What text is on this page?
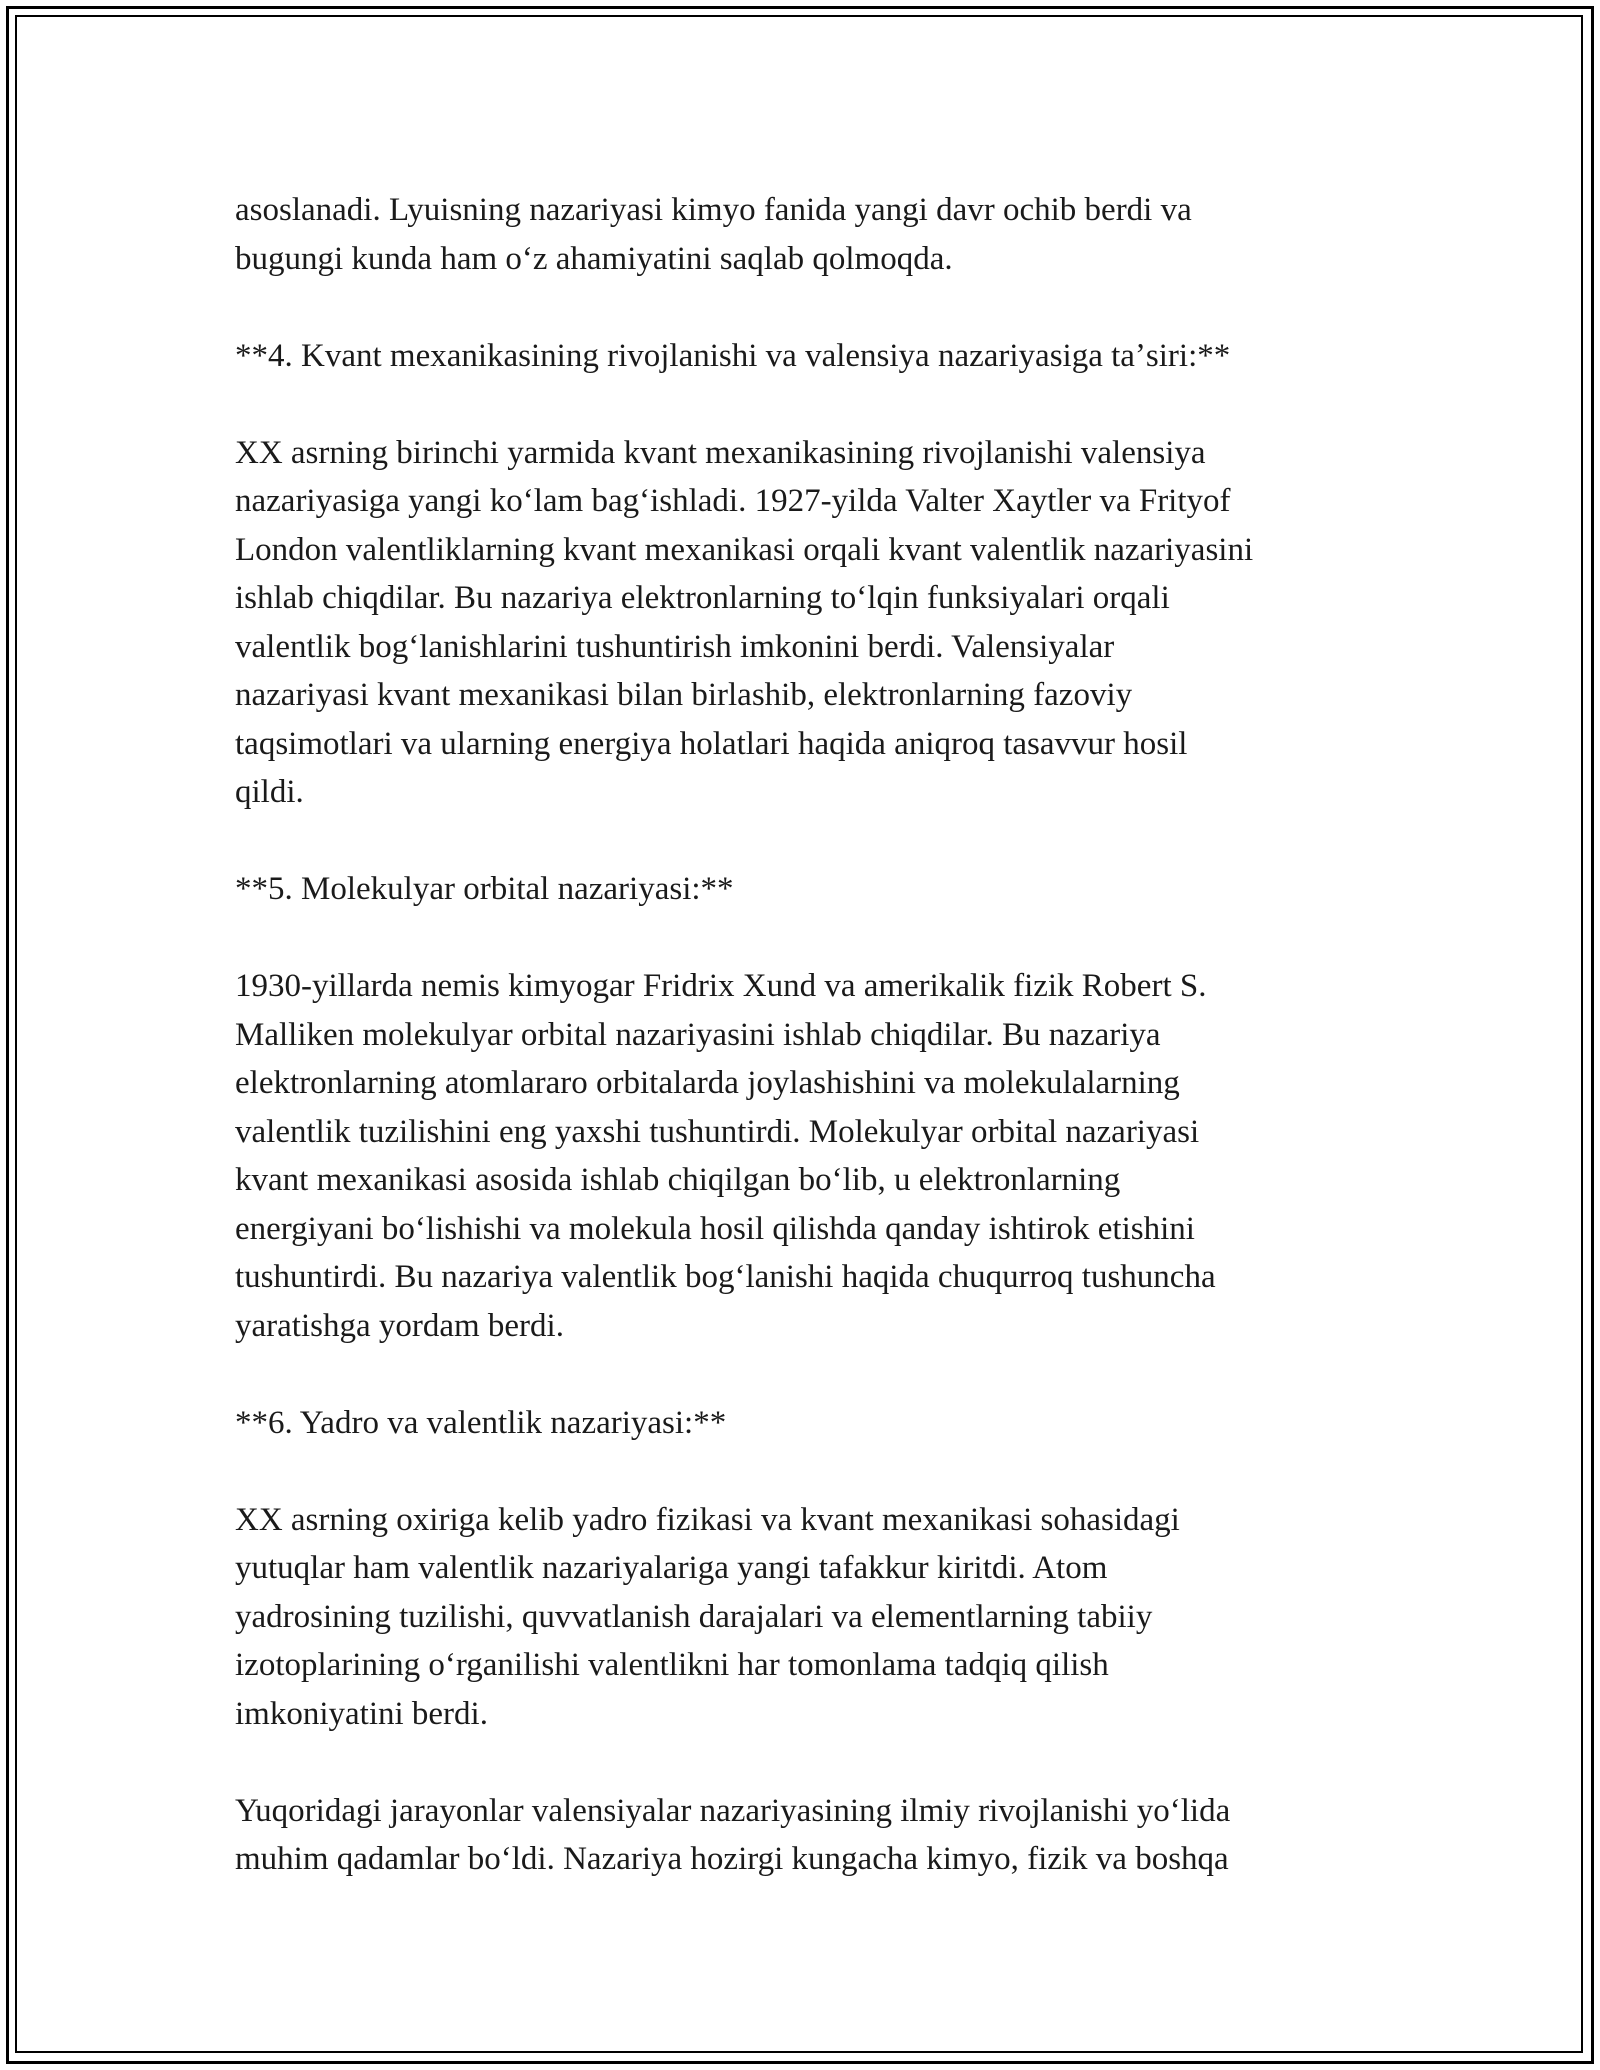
asoslanadi. Lyuisning nazariyasi kimyo fanida yangi davr ochib berdi va
bugungi kunda ham oʻz ahamiyatini saqlab qolmoqda.

**4. Kvant mexanikasining rivojlanishi va valensiya nazariyasiga taʼsiri:**

XX asrning birinchi yarmida kvant mexanikasining rivojlanishi valensiya
nazariyasiga yangi koʻlam bagʻishladi. 1927-yilda Valter Xaytler va Frityof
London valentliklarning kvant mexanikasi orqali kvant valentlik nazariyasini
ishlab chiqdilar. Bu nazariya elektronlarning toʻlqin funksiyalari orqali
valentlik bogʻlanishlarini tushuntirish imkonini berdi. Valensiyalar
nazariyasi kvant mexanikasi bilan birlashib, elektronlarning fazoviy
taqsimotlari va ularning energiya holatlari haqida aniqroq tasavvur hosil
qildi.

**5. Molekulyar orbital nazariyasi:**

1930-yillarda nemis kimyogar Fridrix Xund va amerikalik fizik Robert S.
Malliken molekulyar orbital nazariyasini ishlab chiqdilar. Bu nazariya
elektronlarning atomlararo orbitalarda joylashishini va molekulalarning
valentlik tuzilishini eng yaxshi tushuntirdi. Molekulyar orbital nazariyasi
kvant mexanikasi asosida ishlab chiqilgan boʻlib, u elektronlarning
energiyani boʻlishishi va molekula hosil qilishda qanday ishtirok etishini
tushuntirdi. Bu nazariya valentlik bogʻlanishi haqida chuqurroq tushuncha
yaratishga yordam berdi.

**6. Yadro va valentlik nazariyasi:**

XX asrning oxiriga kelib yadro fizikasi va kvant mexanikasi sohasidagi
yutuqlar ham valentlik nazariyalariga yangi tafakkur kiritdi. Atom
yadrosining tuzilishi, quvvatlanish darajalari va elementlarning tabiiy
izotoplarining oʻrganilishi valentlikni har tomonlama tadqiq qilish
imkoniyatini berdi.

Yuqoridagi jarayonlar valensiyalar nazariyasining ilmiy rivojlanishi yoʻlida
muhim qadamlar boʻldi. Nazariya hozirgi kungacha kimyo, fizik va boshqa
